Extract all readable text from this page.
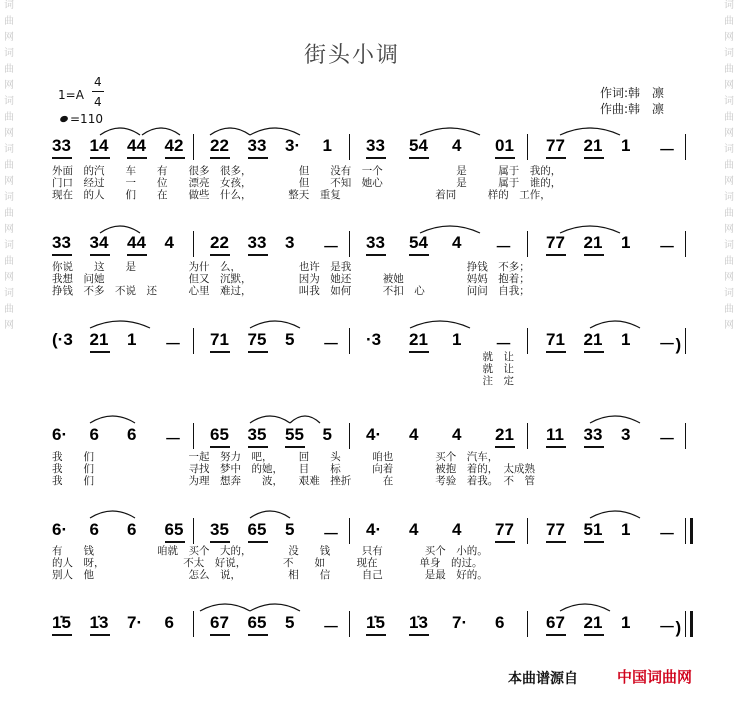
词
曲
网
词
曲
网
词
曲
网
词
曲
网
词
曲
网
词
曲
网
词
曲
网
词
曲
网
词
曲
网
词
曲
网
词
曲
网
词
曲
网
词
曲
网
词
曲
网
街头小调
1=A
4
4
=110
作词:韩　凛
作曲:韩　凛
33 14 44 42 22 33 3· 1 33 54 4 01 77 21 1 －
外面　的汽　　车　　有　　很多　很多，　　　　　但　　没有　一个　　　　　　　是　　　属于　我的，
门口　经过　　一　　位　　漂亮　女孩，　　　　　但　　不知　她心　　　　　　　是　　　属于　谁的，
现在　的人　　们　　在　　做些　什么，　　　　整天　重复　　　　　　　　　着同　　　样的　工作，
33 34 44 4 22 33 3 － 33 54 4 － 77 21 1 －
你说　　这　　是　　　　　为什　么，　　　　　　也许　是我　　　　　　　　　　　挣钱　不多；
我想　问她　　　　　　　　但又　沉默，　　　　　因为　她还　　　被她　　　　　　妈妈　抱着；
挣钱　不多　不说　还　　　心里　难过，　　　　　叫我　如何　　　不扣　心　　　　问问　自我；
(·3 21 1 － 71 75 5 － ·3 21 1 － 71 21 1 －)
　　　　　　　　　　　　　　　　　　　　　　　　　　　　　　　　　　　　　　　　　就　让
　　　　　　　　　　　　　　　　　　　　　　　　　　　　　　　　　　　　　　　　　就　让
　　　　　　　　　　　　　　　　　　　　　　　　　　　　　　　　　　　　　　　　　注　定
6· 6 6 － 65 35 55 5 4· 4 4 21 11 33 3 －
我　　们　　　　　　　　　一起　努力　吧，　　　回　　头　　　咱也　　　　买个　汽车，
我　　们　　　　　　　　　寻找　梦中　的她，　　目　　标　　　向着　　　　被抱　着的，　太成熟
我　　们　　　　　　　　　为理　想奔　　波，　　艰难　挫折　　　在　　　　考验　着我。　不　管
6· 6 6 65 35 65 5 － 4· 4 4 77 77 51 1 －
有　　钱　　　　　　咱就　买个　大的，　　　　没　　钱　　　只有　　　　买个　小的。
的人　呀，　　　　　　　　不太　好说，　　　　不　　如　　　现在　　　　单身　的过。
别人　他　　　　　　　　　怎么　说，　　　　　相　　信　　　自己　　　　是最　好的。
1̇5 1̇3 7· 6 67 65 5 － 1̇5 1̇3 7· 6 67 21 1 －)
本曲谱源自	中国词曲网
